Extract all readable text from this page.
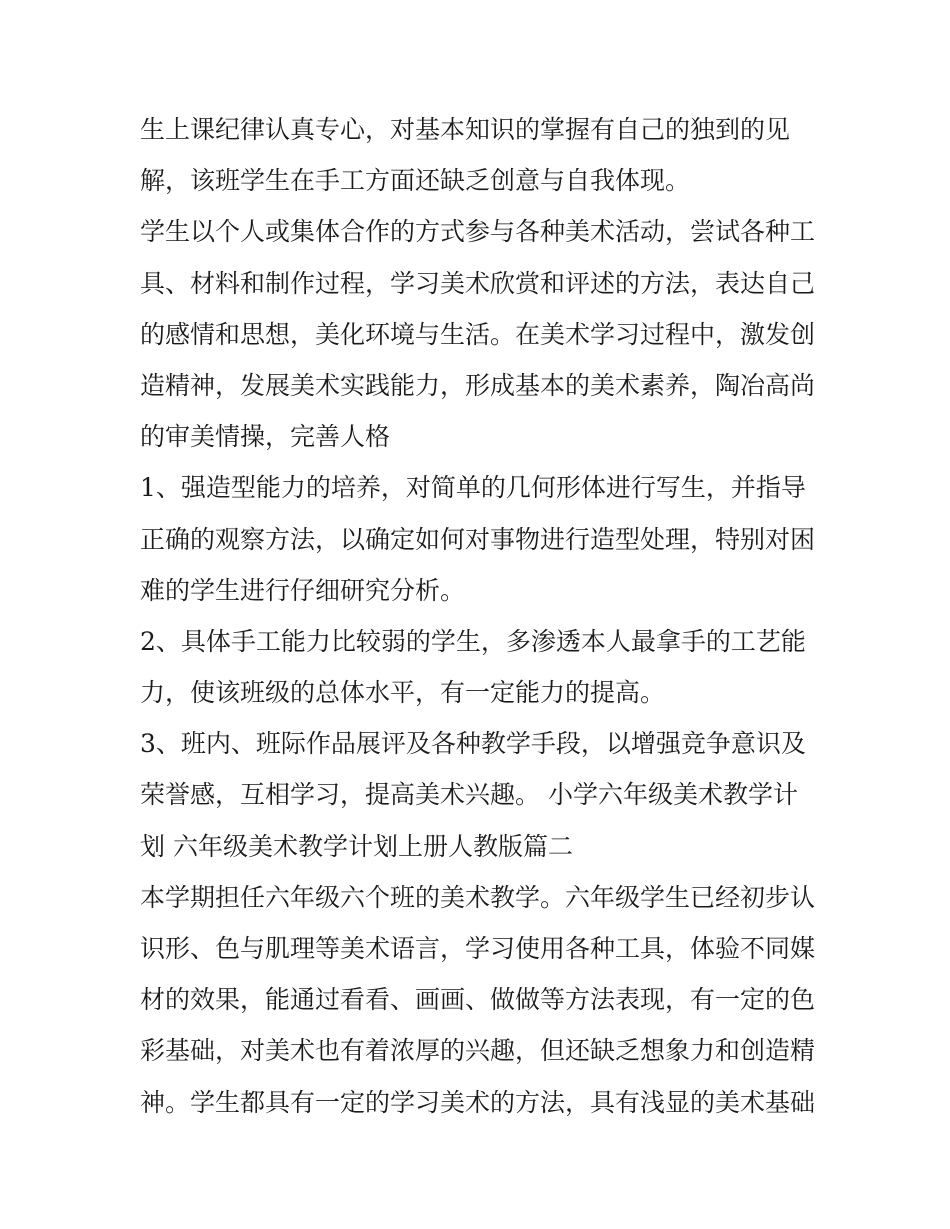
生上课纪律认真专心，对基本知识的掌握有自己的独到的见
解，该班学生在手工方面还缺乏创意与自我体现。
学生以个人或集体合作的方式参与各种美术活动，尝试各种工
具、材料和制作过程，学习美术欣赏和评述的方法，表达自己
的感情和思想，美化环境与生活。在美术学习过程中，激发创
造精神，发展美术实践能力，形成基本的美术素养，陶冶高尚
的审美情操，完善人格
1、强造型能力的培养，对简单的几何形体进行写生，并指导
正确的观察方法，以确定如何对事物进行造型处理，特别对困
难的学生进行仔细研究分析。
2、具体手工能力比较弱的学生，多渗透本人最拿手的工艺能
力，使该班级的总体水平，有一定能力的提高。
3、班内、班际作品展评及各种教学手段，以增强竞争意识及
荣誉感，互相学习，提高美术兴趣。 小学六年级美术教学计
划 六年级美术教学计划上册人教版篇二
本学期担任六年级六个班的美术教学。六年级学生已经初步认
识形、色与肌理等美术语言，学习使用各种工具，体验不同媒
材的效果，能通过看看、画画、做做等方法表现，有一定的色
彩基础，对美术也有着浓厚的兴趣，但还缺乏想象力和创造精
神。学生都具有一定的学习美术的方法，具有浅显的美术基础
